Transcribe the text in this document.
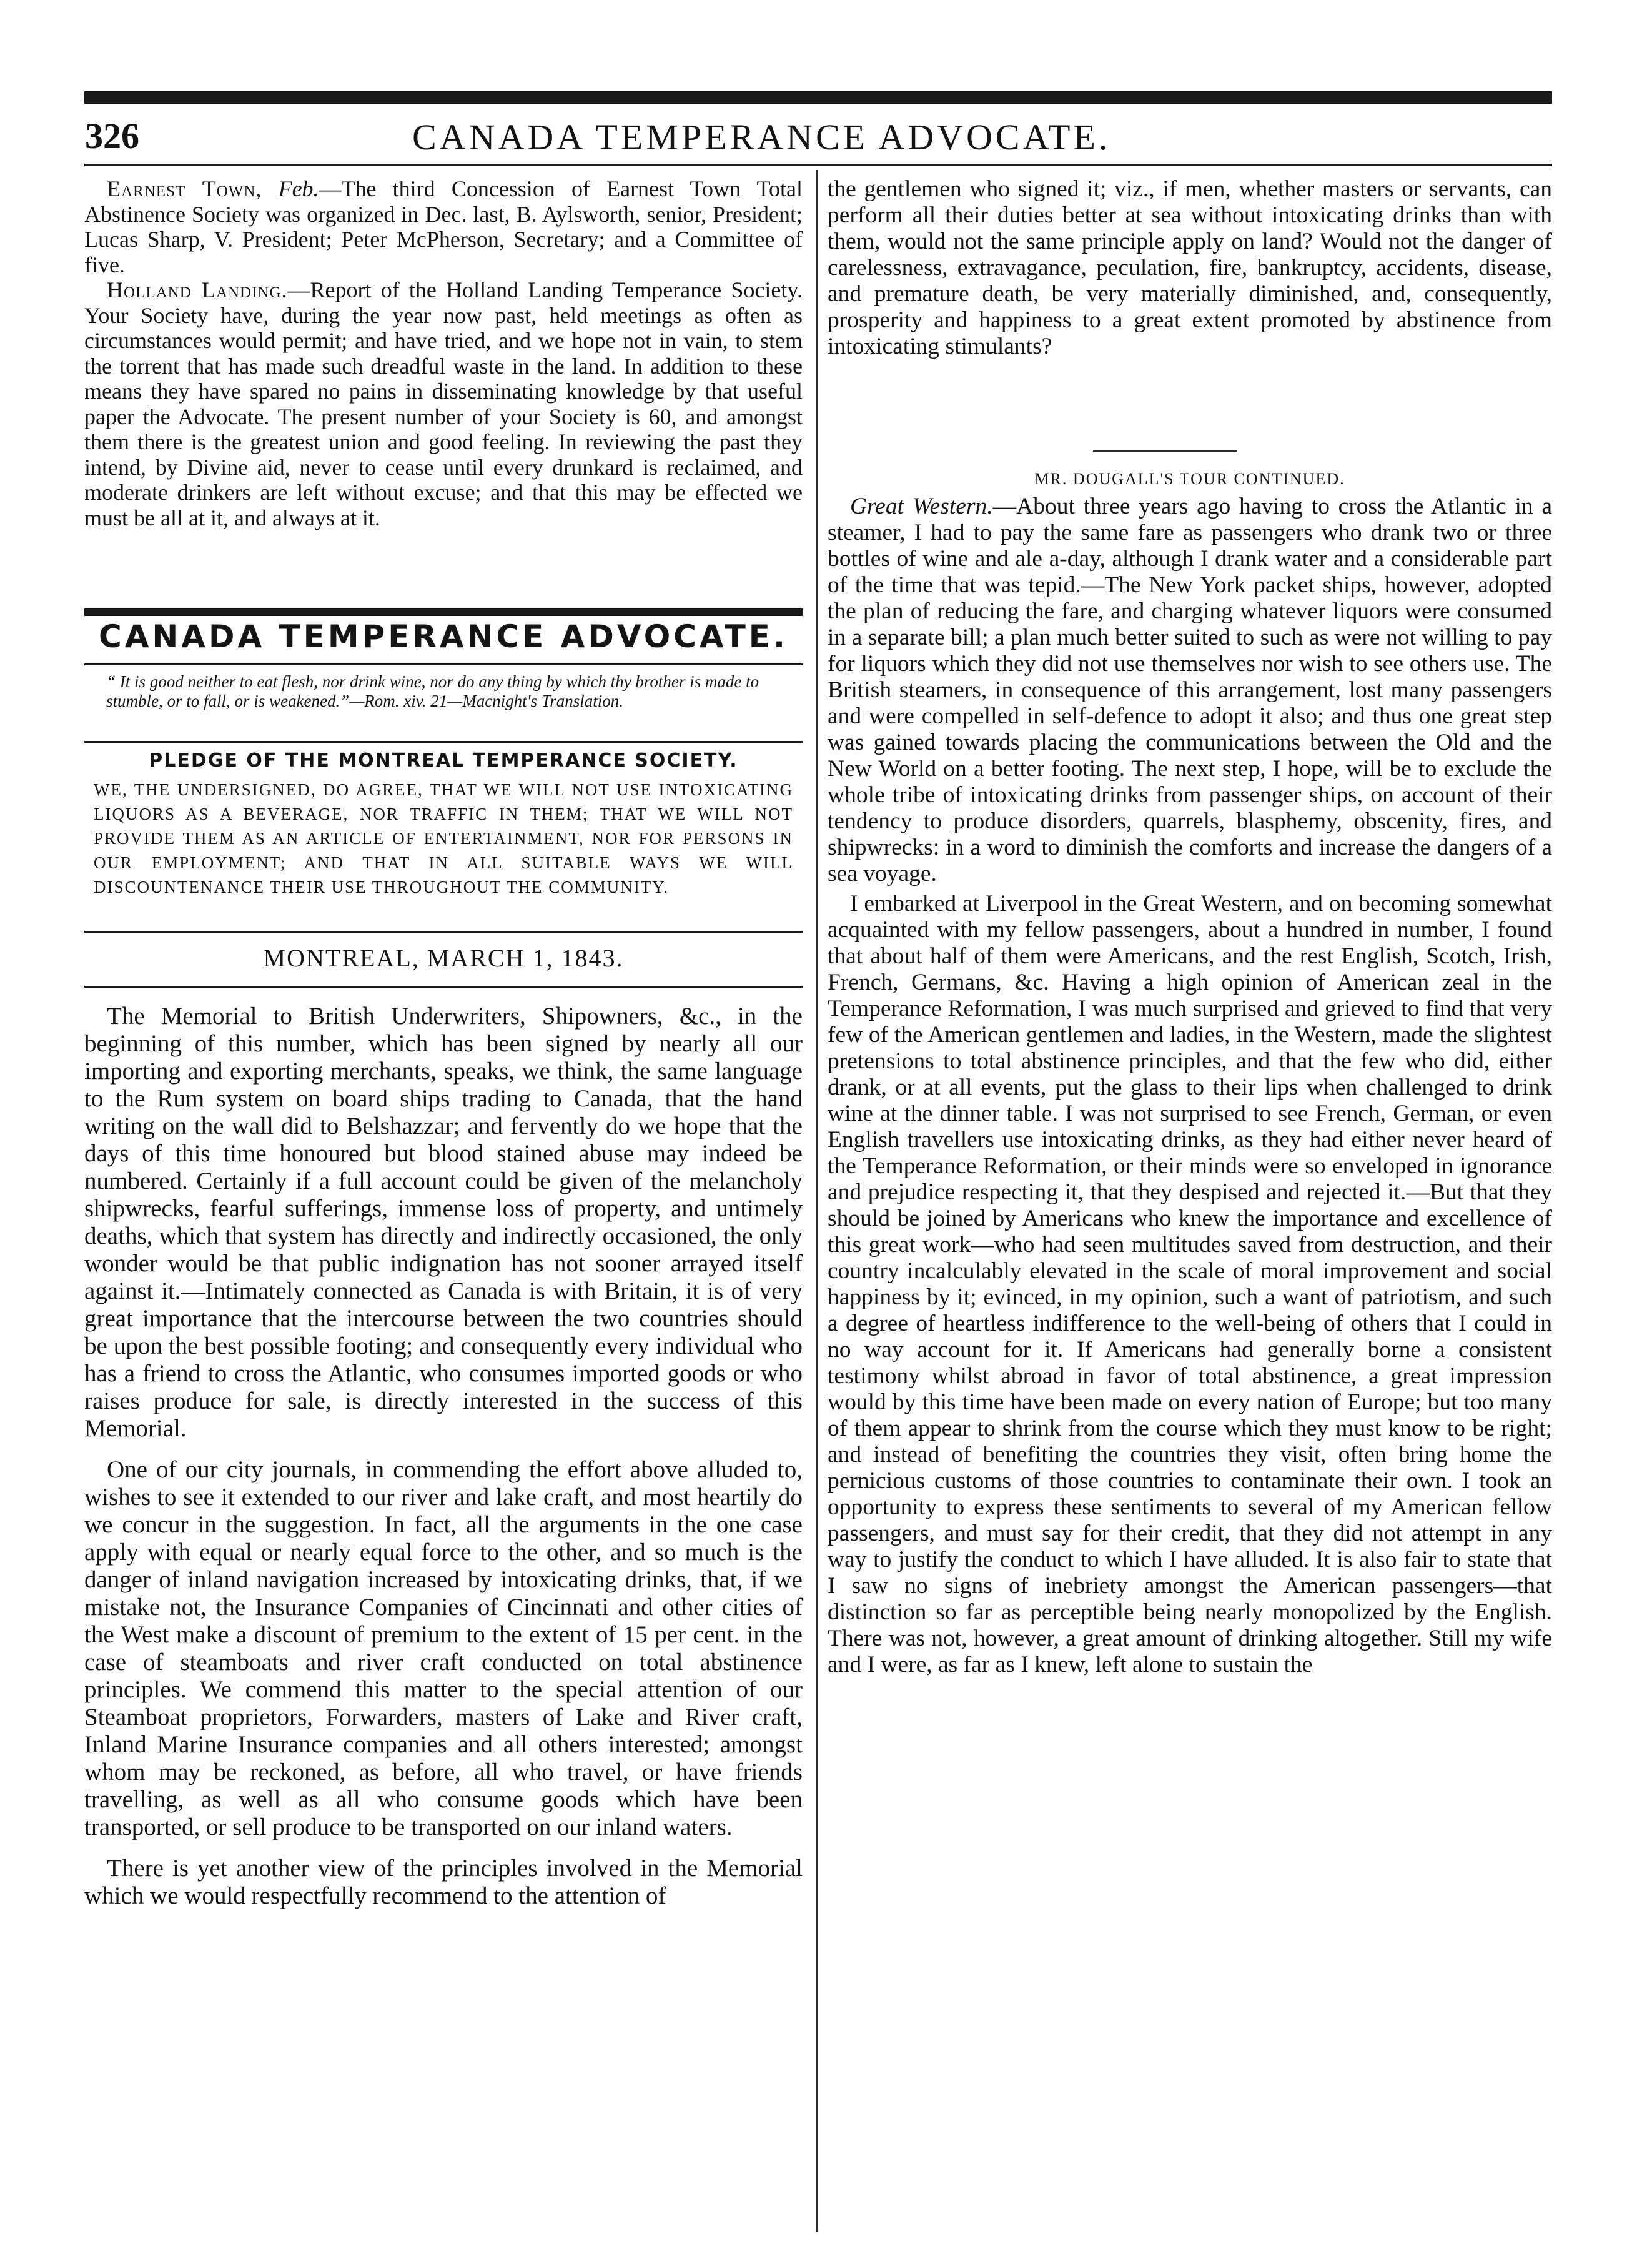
326	CANADA TEMPERANCE ADVOCATE.

Earnest Town, Feb.—The third Concession of Earnest Town Total Abstinence Society was organized in Dec. last, B. Aylsworth, senior, President; Lucas Sharp, V. President; Peter McPherson, Secretary; and a Committee of five.

Holland Landing.—Report of the Holland Landing Temperance Society. Your Society have, during the year now past, held meetings as often as circumstances would permit; and have tried, and we hope not in vain, to stem the torrent that has made such dreadful waste in the land. In addition to these means they have spared no pains in disseminating knowledge by that useful paper the Advocate. The present number of your Society is 60, and amongst them there is the greatest union and good feeling. In reviewing the past they intend, by Divine aid, never to cease until every drunkard is reclaimed, and moderate drinkers are left without excuse; and that this may be effected we must be all at it, and always at it.

CANADA TEMPERANCE ADVOCATE.
“ It is good neither to eat flesh, nor drink wine, nor do any thing by which thy brother is made to stumble, or to fall, or is weakened.”—Rom. xiv. 21—Macnight's Translation.
PLEDGE OF THE MONTREAL TEMPERANCE SOCIETY.
WE, THE UNDERSIGNED, DO AGREE, THAT WE WILL NOT USE INTOXICATING LIQUORS AS A BEVERAGE, NOR TRAFFIC IN THEM; THAT WE WILL NOT PROVIDE THEM AS AN ARTICLE OF ENTERTAINMENT, NOR FOR PERSONS IN OUR EMPLOYMENT; AND THAT IN ALL SUITABLE WAYS WE WILL DISCOUNTENANCE THEIR USE THROUGHOUT THE COMMUNITY.
MONTREAL, MARCH 1, 1843.

The Memorial to British Underwriters, Shipowners, &c., in the beginning of this number, which has been signed by nearly all our importing and exporting merchants, speaks, we think, the same language to the Rum system on board ships trading to Canada, that the hand writing on the wall did to Belshazzar; and fervently do we hope that the days of this time honoured but blood stained abuse may indeed be numbered. Certainly if a full account could be given of the melancholy shipwrecks, fearful sufferings, immense loss of property, and untimely deaths, which that system has directly and indirectly occasioned, the only wonder would be that public indignation has not sooner arrayed itself against it.—Intimately connected as Canada is with Britain, it is of very great importance that the intercourse between the two countries should be upon the best possible footing; and consequently every individual who has a friend to cross the Atlantic, who consumes imported goods or who raises produce for sale, is directly interested in the success of this Memorial.

One of our city journals, in commending the effort above alluded to, wishes to see it extended to our river and lake craft, and most heartily do we concur in the suggestion. In fact, all the arguments in the one case apply with equal or nearly equal force to the other, and so much is the danger of inland navigation increased by intoxicating drinks, that, if we mistake not, the Insurance Companies of Cincinnati and other cities of the West make a discount of premium to the extent of 15 per cent. in the case of steamboats and river craft conducted on total abstinence principles. We commend this matter to the special attention of our Steamboat proprietors, Forwarders, masters of Lake and River craft, Inland Marine Insurance companies and all others interested; amongst whom may be reckoned, as before, all who travel, or have friends travelling, as well as all who consume goods which have been transported, or sell produce to be transported on our inland waters.

There is yet another view of the principles involved in the Memorial which we would respectfully recommend to the attention of

the gentlemen who signed it; viz., if men, whether masters or servants, can perform all their duties better at sea without intoxicating drinks than with them, would not the same principle apply on land? Would not the danger of carelessness, extravagance, peculation, fire, bankruptcy, accidents, disease, and premature death, be very materially diminished, and, consequently, prosperity and happiness to a great extent promoted by abstinence from intoxicating stimulants?

MR. DOUGALL'S TOUR CONTINUED.

Great Western.—About three years ago having to cross the Atlantic in a steamer, I had to pay the same fare as passengers who drank two or three bottles of wine and ale a-day, although I drank water and a considerable part of the time that was tepid.—The New York packet ships, however, adopted the plan of reducing the fare, and charging whatever liquors were consumed in a separate bill; a plan much better suited to such as were not willing to pay for liquors which they did not use themselves nor wish to see others use. The British steamers, in consequence of this arrangement, lost many passengers and were compelled in self-defence to adopt it also; and thus one great step was gained towards placing the communications between the Old and the New World on a better footing. The next step, I hope, will be to exclude the whole tribe of intoxicating drinks from passenger ships, on account of their tendency to produce disorders, quarrels, blasphemy, obscenity, fires, and shipwrecks: in a word to diminish the comforts and increase the dangers of a sea voyage.

I embarked at Liverpool in the Great Western, and on becoming somewhat acquainted with my fellow passengers, about a hundred in number, I found that about half of them were Americans, and the rest English, Scotch, Irish, French, Germans, &c. Having a high opinion of American zeal in the Temperance Reformation, I was much surprised and grieved to find that very few of the American gentlemen and ladies, in the Western, made the slightest pretensions to total abstinence principles, and that the few who did, either drank, or at all events, put the glass to their lips when challenged to drink wine at the dinner table. I was not surprised to see French, German, or even English travellers use intoxicating drinks, as they had either never heard of the Temperance Reformation, or their minds were so enveloped in ignorance and prejudice respecting it, that they despised and rejected it.—But that they should be joined by Americans who knew the importance and excellence of this great work—who had seen multitudes saved from destruction, and their country incalculably elevated in the scale of moral improvement and social happiness by it; evinced, in my opinion, such a want of patriotism, and such a degree of heartless indifference to the well-being of others that I could in no way account for it. If Americans had generally borne a consistent testimony whilst abroad in favor of total abstinence, a great impression would by this time have been made on every nation of Europe; but too many of them appear to shrink from the course which they must know to be right; and instead of benefiting the countries they visit, often bring home the pernicious customs of those countries to contaminate their own. I took an opportunity to express these sentiments to several of my American fellow passengers, and must say for their credit, that they did not attempt in any way to justify the conduct to which I have alluded. It is also fair to state that I saw no signs of inebriety amongst the American passengers—that distinction so far as perceptible being nearly monopolized by the English. There was not, however, a great amount of drinking altogether. Still my wife and I were, as far as I knew, left alone to sustain the
